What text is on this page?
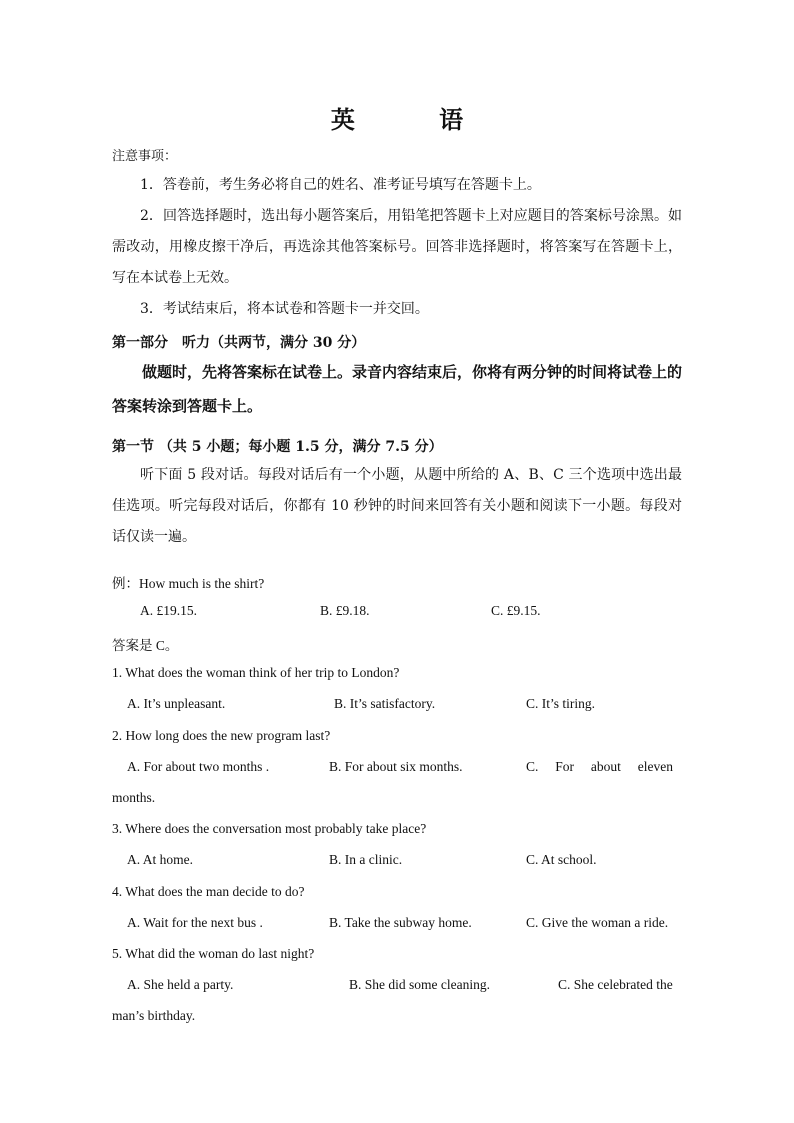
英 语
注意事项：
1．答卷前，考生务必将自己的姓名、准考证号填写在答题卡上。
2．回答选择题时，选出每小题答案后，用铅笔把答题卡上对应题目的答案标号涂黑。如需改动，用橡皮擦干净后，再选涂其他答案标号。回答非选择题时，将答案写在答题卡上，写在本试卷上无效。
3．考试结束后，将本试卷和答题卡一并交回。
第一部分　听力（共两节，满分 30 分）
做题时，先将答案标在试卷上。录音内容结束后，你将有两分钟的时间将试卷上的答案转涂到答题卡上。
第一节 （共 5 小题；每小题 1.5 分，满分 7.5 分）
听下面 5 段对话。每段对话后有一个小题，从题中所给的 A、B、C 三个选项中选出最佳选项。听完每段对话后，你都有 10 秒钟的时间来回答有关小题和阅读下一小题。每段对话仅读一遍。
例：How much is the shirt?
A. £19.15.	B. £9.18.	C. £9.15.
答案是 C。
1. What does the woman think of her trip to London?
A. It’s unpleasant.	B. It’s satisfactory.	C. It’s tiring.
2. How long does the new program last?
A. For about two months .	B. For about six months.	C.     For     about     eleven
months.
3. Where does the conversation most probably take place?
A. At home.	B. In a clinic.	C. At school.
4. What does the man decide to do?
A. Wait for the next bus .	B. Take the subway home.	C. Give the woman a ride.
5. What did the woman do last night?
A. She held a party.	B. She did some cleaning.	C. She celebrated the
man’s birthday.
